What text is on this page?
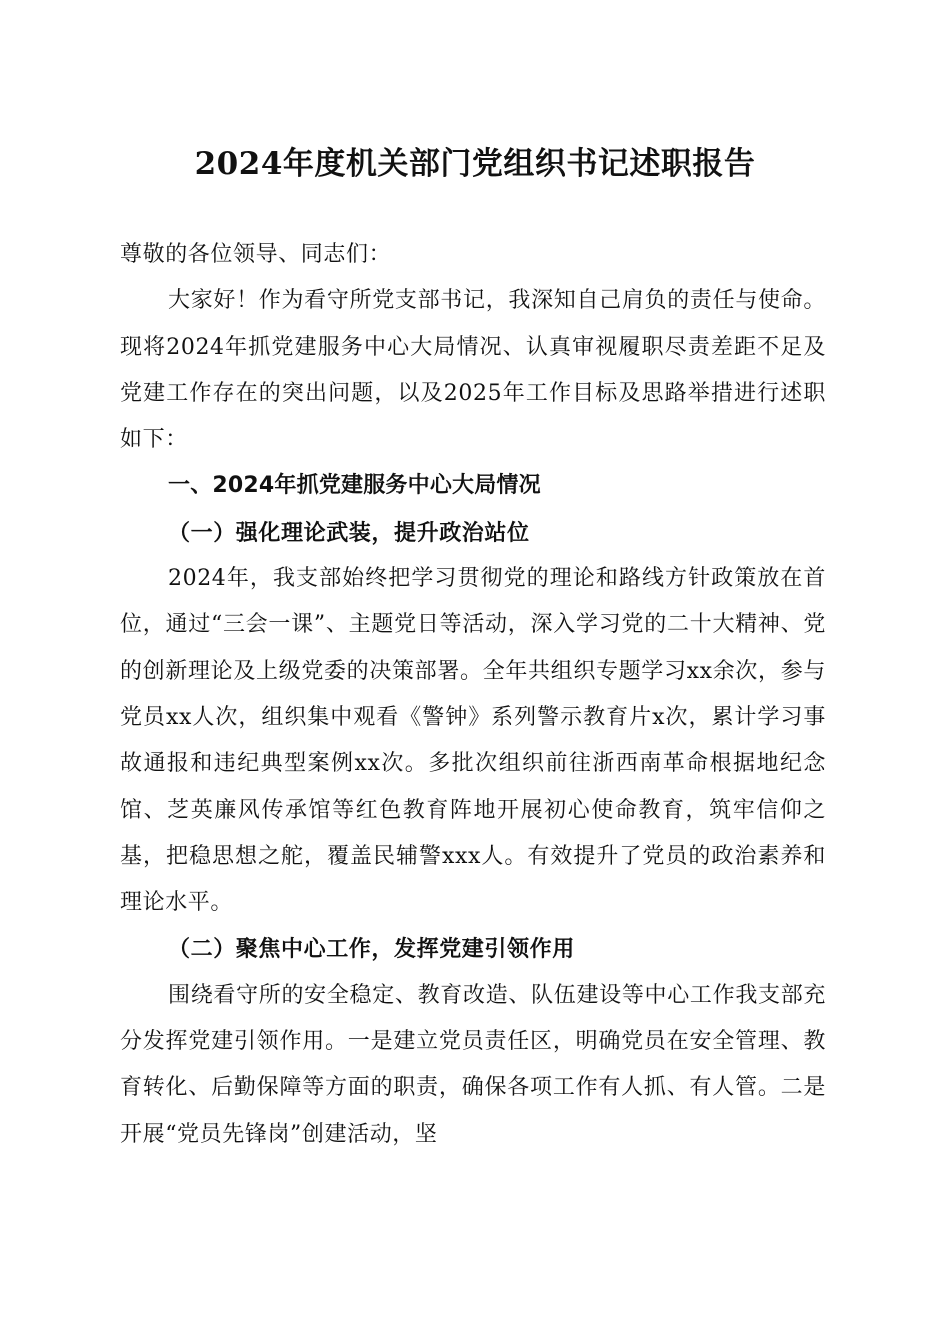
2024年度机关部门党组织书记述职报告

尊敬的各位领导、同志们：

大家好！作为看守所党支部书记，我深知自己肩负的责任与使命。现将2024年抓党建服务中心大局情况、认真审视履职尽责差距不足及党建工作存在的突出问题，以及2025年工作目标及思路举措进行述职如下：

一、2024年抓党建服务中心大局情况

（一）强化理论武装，提升政治站位

2024年，我支部始终把学习贯彻党的理论和路线方针政策放在首位，通过“三会一课”、主题党日等活动，深入学习党的二十大精神、党的创新理论及上级党委的决策部署。全年共组织专题学习xx余次，参与党员xx人次，组织集中观看《警钟》系列警示教育片x次，累计学习事故通报和违纪典型案例xx次。多批次组织前往浙西南革命根据地纪念馆、芝英廉风传承馆等红色教育阵地开展初心使命教育，筑牢信仰之基，把稳思想之舵，覆盖民辅警xxx人。有效提升了党员的政治素养和理论水平。

（二）聚焦中心工作，发挥党建引领作用

围绕看守所的安全稳定、教育改造、队伍建设等中心工作我支部充分发挥党建引领作用。一是建立党员责任区，明确党员在安全管理、教育转化、后勤保障等方面的职责，确保各项工作有人抓、有人管。二是开展“党员先锋岗”创建活动，坚
